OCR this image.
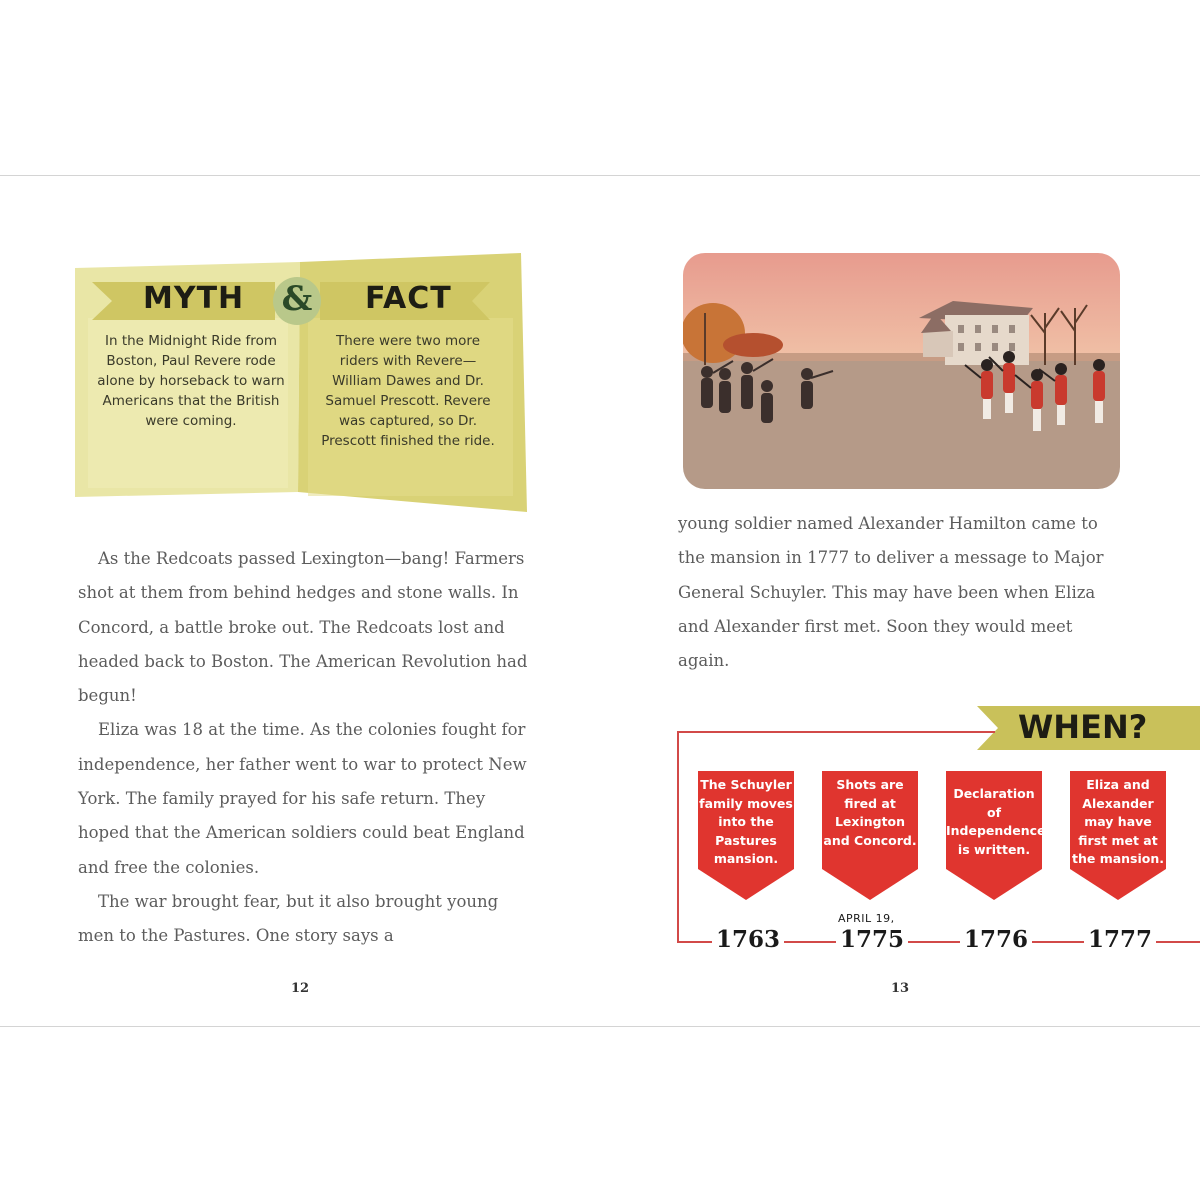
MYTH & FACT
In the Midnight Ride from Boston, Paul Revere rode alone by horseback to warn Americans that the British were coming.
There were two more riders with Revere—William Dawes and Dr. Samuel Prescott. Revere was captured, so Dr. Prescott finished the ride.

As the Redcoats passed Lexington—bang! Farmers shot at them from behind hedges and stone walls. In Concord, a battle broke out. The Redcoats lost and headed back to Boston. The American Revolution had begun!

Eliza was 18 at the time. As the colonies fought for independence, her father went to war to protect New York. The family prayed for his safe return. They hoped that the American soldiers could beat England and free the colonies.

The war brought fear, but it also brought young men to the Pastures. One story says a

12

young soldier named Alexander Hamilton came to the mansion in 1777 to deliver a message to Major General Schuyler. This may have been when Eliza and Alexander first met. Soon they would meet again.

13
WHEN?
The Schuyler family moves into the Pastures mansion.
Shots are fired at Lexington and Concord.
Declaration of Independence is written.
Eliza and Alexander may have first met at the mansion.
APRIL 19,
1763	1775	1776	1777
